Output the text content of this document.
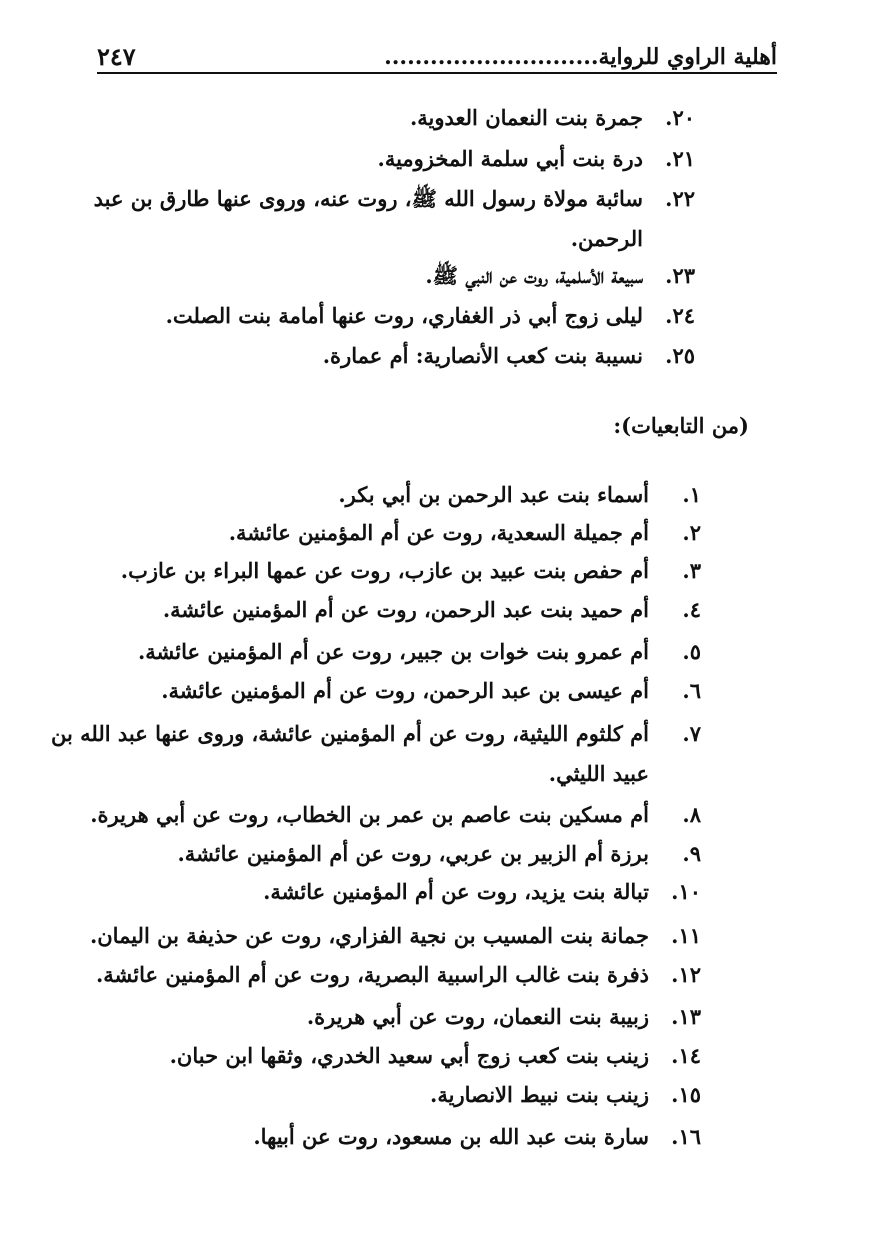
أهلية الراوي للرواية............................
٢٤٧
٢٠.جمرة بنت النعمان العدوية.
٢١.درة بنت أبي سلمة المخزومية.
٢٢.سائبة مولاة رسول الله ﷺ، روت عنه، وروى عنها طارق بن عبد
الرحمن.
٢٣.سبيعة الأسلمية، روت عن النبي ﷺ.
٢٤.ليلى زوج أبي ذر الغفاري، روت عنها أمامة بنت الصلت.
٢٥.نسيبة بنت كعب الأنصارية: أم عمارة.
(من التابعيات):
١.أسماء بنت عبد الرحمن بن أبي بكر.
٢.أم جميلة السعدية، روت عن أم المؤمنين عائشة.
٣.أم حفص بنت عبيد بن عازب، روت عن عمها البراء بن عازب.
٤.أم حميد بنت عبد الرحمن، روت عن أم المؤمنين عائشة.
٥.أم عمرو بنت خوات بن جبير، روت عن أم المؤمنين عائشة.
٦.أم عيسى بن عبد الرحمن، روت عن أم المؤمنين عائشة.
٧.أم كلثوم الليثية، روت عن أم المؤمنين عائشة، وروى عنها عبد الله بن
عبيد الليثي.
٨.أم مسكين بنت عاصم بن عمر بن الخطاب، روت عن أبي هريرة.
٩.برزة أم الزبير بن عربي، روت عن أم المؤمنين عائشة.
١٠.تبالة بنت يزيد، روت عن أم المؤمنين عائشة.
١١.جمانة بنت المسيب بن نجية الفزاري، روت عن حذيفة بن اليمان.
١٢.ذفرة بنت غالب الراسبية البصرية، روت عن أم المؤمنين عائشة.
١٣.زبيبة بنت النعمان، روت عن أبي هريرة.
١٤.زينب بنت كعب زوج أبي سعيد الخدري، وثقها ابن حبان.
١٥.زينب بنت نبيط الانصارية.
١٦.سارة بنت عبد الله بن مسعود، روت عن أبيها.
